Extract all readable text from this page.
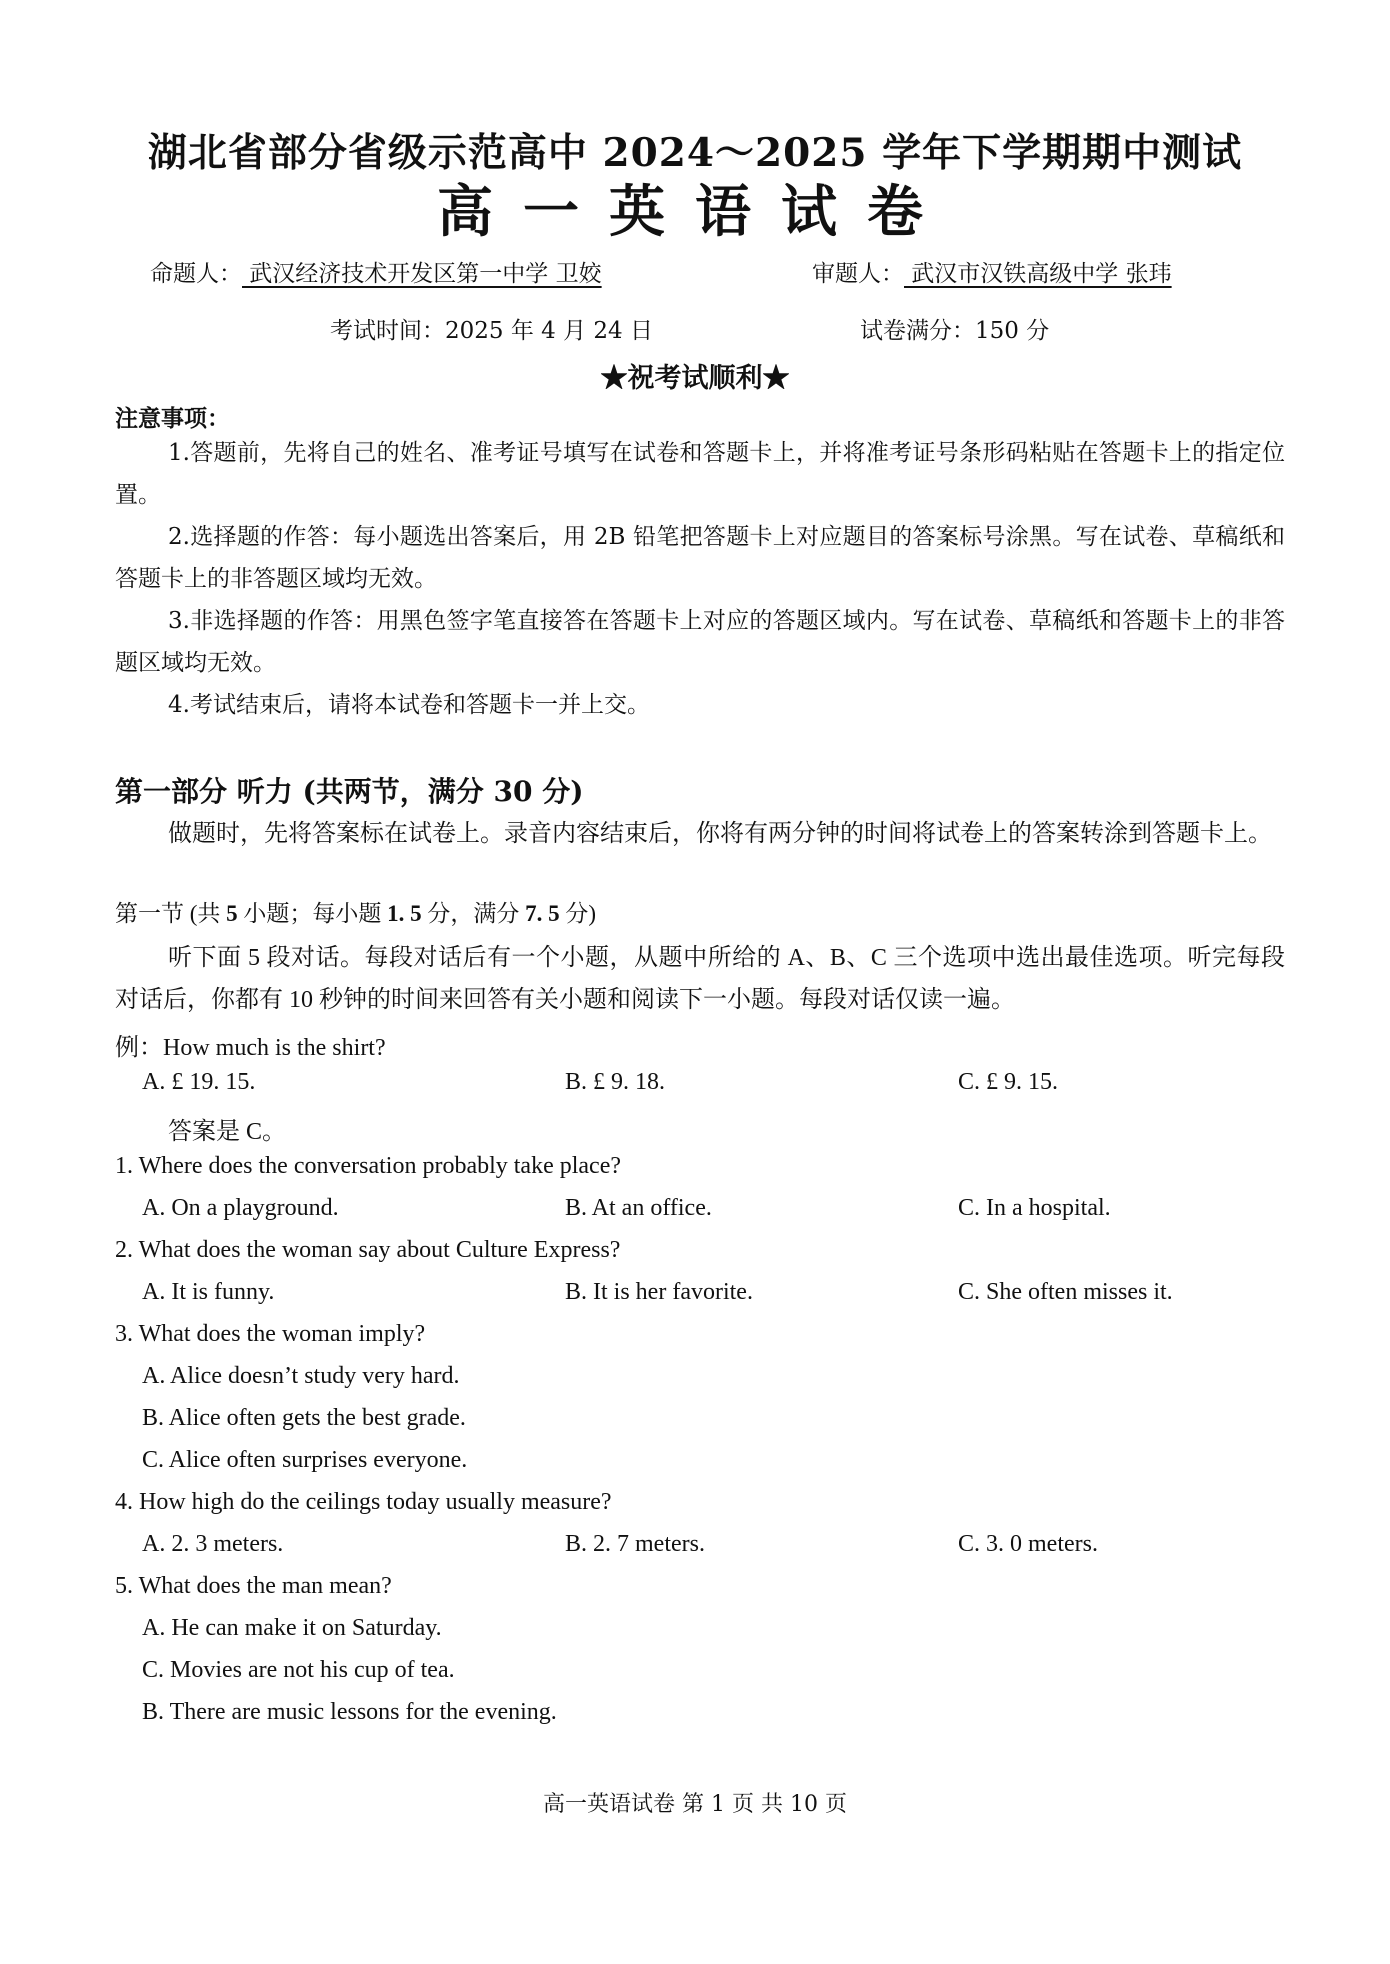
湖北省部分省级示范高中 2024～2025 学年下学期期中测试
高一英语试卷
命题人： 武汉经济技术开发区第一中学 卫姣	审题人： 武汉市汉铁高级中学 张玮
考试时间：2025 年 4 月 24 日	试卷满分：150 分
★祝考试顺利★
注意事项：
1.答题前，先将自己的姓名、准考证号填写在试卷和答题卡上，并将准考证号条形码粘贴在答题卡上的指定位置。
2.选择题的作答：每小题选出答案后，用 2B 铅笔把答题卡上对应题目的答案标号涂黑。写在试卷、草稿纸和答题卡上的非答题区域均无效。
3.非选择题的作答：用黑色签字笔直接答在答题卡上对应的答题区域内。写在试卷、草稿纸和答题卡上的非答题区域均无效。
4.考试结束后，请将本试卷和答题卡一并上交。
第一部分 听力 (共两节，满分 30 分)
做题时，先将答案标在试卷上。录音内容结束后，你将有两分钟的时间将试卷上的答案转涂到答题卡上。
第一节 (共 5 小题；每小题 1. 5 分，满分 7. 5 分)
听下面 5 段对话。每段对话后有一个小题，从题中所给的 A、B、C 三个选项中选出最佳选项。听完每段对话后，你都有 10 秒钟的时间来回答有关小题和阅读下一小题。每段对话仅读一遍。
例：How much is the shirt?
A. £ 19. 15.	B. £ 9. 18.	C. £ 9. 15.
答案是 C。
1. Where does the conversation probably take place?
A. On a playground.	B. At an office.	C. In a hospital.
2. What does the woman say about Culture Express?
A. It is funny.	B. It is her favorite.	C. She often misses it.
3. What does the woman imply?
A. Alice doesn’t study very hard.
B. Alice often gets the best grade.
C. Alice often surprises everyone.
4. How high do the ceilings today usually measure?
A. 2. 3 meters.	B. 2. 7 meters.	C. 3. 0 meters.
5. What does the man mean?
A. He can make it on Saturday.
C. Movies are not his cup of tea.
B. There are music lessons for the evening.
高一英语试卷 第 1 页 共 10 页
